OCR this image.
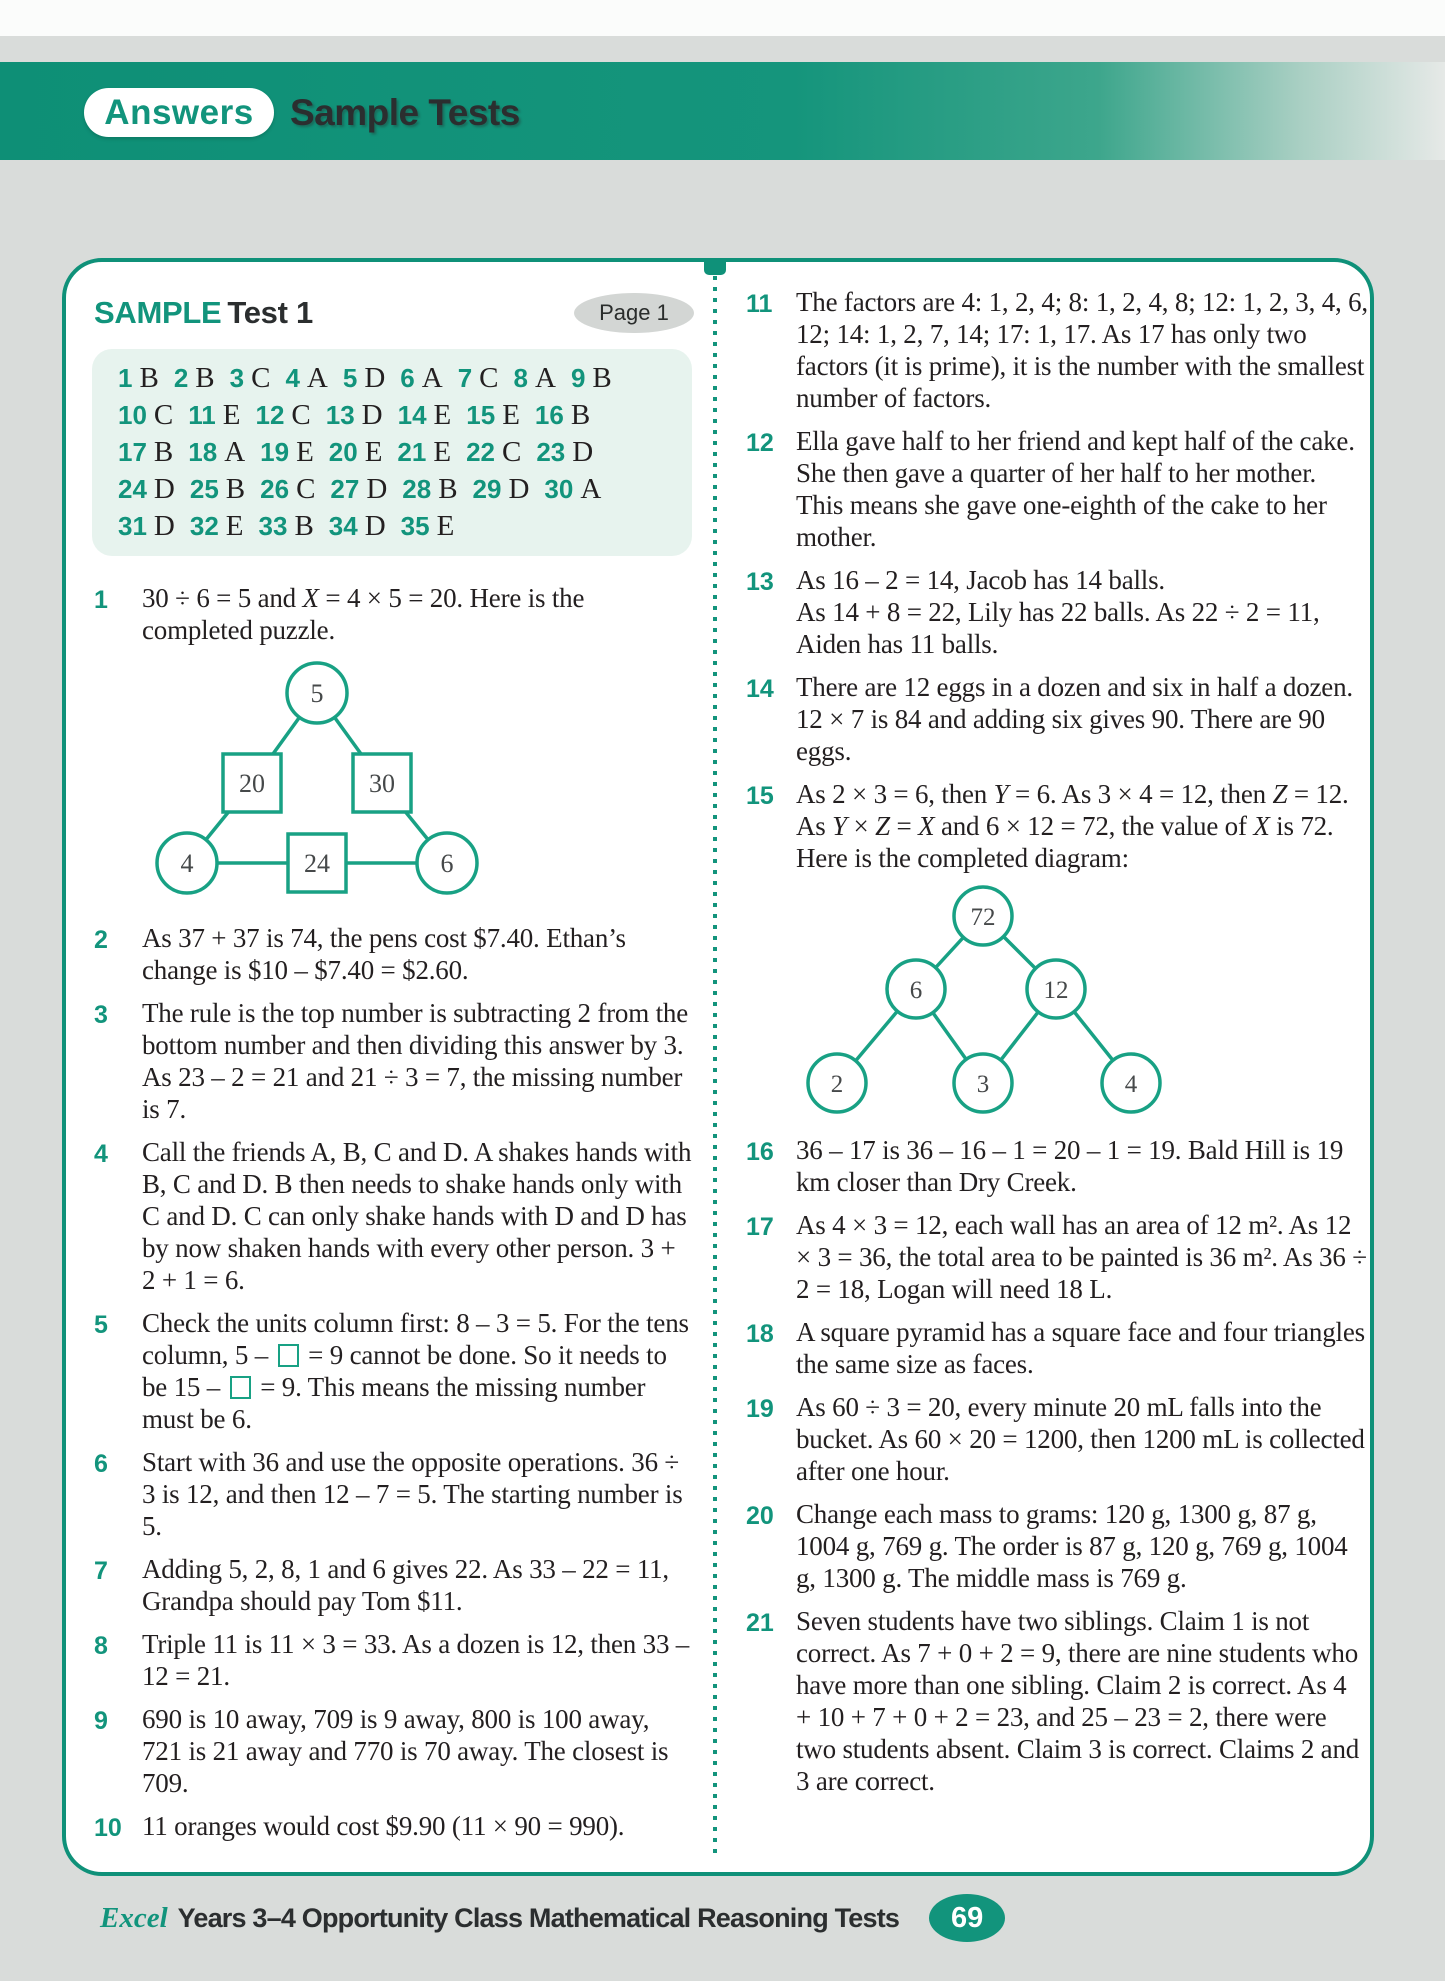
Answers Sample Tests
SAMPLE Test 1	Page 1
1 B 2 B 3 C 4 A 5 D 6 A 7 C 8 A 9 B
10 C 11 E 12 C 13 D 14 E 15 E 16 B
17 B 18 A 19 E 20 E 21 E 22 C 23 D
24 D 25 B 26 C 27 D 28 B 29 D 30 A
31 D 32 E 33 B 34 D 35 E
1	30 ÷ 6 = 5 and X = 4 × 5 = 20. Here is the completed puzzle.
5
20	30
4	24	6
2	As 37 + 37 is 74, the pens cost $7.40. Ethan’s change is $10 – $7.40 = $2.60.
3	The rule is the top number is subtracting 2 from the bottom number and then dividing this answer by 3. As 23 – 2 = 21 and 21 ÷ 3 = 7, the missing number is 7.
4	Call the friends A, B, C and D. A shakes hands with B, C and D. B then needs to shake hands only with C and D. C can only shake hands with D and D has by now shaken hands with every other person. 3 + 2 + 1 = 6.
5	Check the units column first: 8 – 3 = 5. For the tens column, 5 –  = 9 cannot be done. So it needs to be 15 –  = 9. This means the missing number must be 6.
6	Start with 36 and use the opposite operations. 36 ÷ 3 is 12, and then 12 – 7 = 5. The starting number is 5.
7	Adding 5, 2, 8, 1 and 6 gives 22. As 33 – 22 = 11, Grandpa should pay Tom $11.
8	Triple 11 is 11 × 3 = 33. As a dozen is 12, then 33 – 12 = 21.
9	690 is 10 away, 709 is 9 away, 800 is 100 away, 721 is 21 away and 770 is 70 away. The closest is 709.
10 11 oranges would cost $9.90 (11 × 90 = 990).
11 The factors are 4: 1, 2, 4; 8: 1, 2, 4, 8; 12: 1, 2, 3, 4, 6, 12; 14: 1, 2, 7, 14; 17: 1, 17. As 17 has only two factors (it is prime), it is the number with the smallest number of factors.
12 Ella gave half to her friend and kept half of the cake. She then gave a quarter of her half to her mother. This means she gave one-eighth of the cake to her mother.
13 As 16 – 2 = 14, Jacob has 14 balls.
As 14 + 8 = 22, Lily has 22 balls. As 22 ÷ 2 = 11, Aiden has 11 balls.
14 There are 12 eggs in a dozen and six in half a dozen. 12 × 7 is 84 and adding six gives 90. There are 90 eggs.
15 As 2 × 3 = 6, then Y = 6. As 3 × 4 = 12, then Z = 12. As Y × Z = X and 6 × 12 = 72, the value of X is 72. Here is the completed diagram:
72
6	12
2	3	4
16 36 – 17 is 36 – 16 – 1 = 20 – 1 = 19. Bald Hill is 19 km closer than Dry Creek.
17 As 4 × 3 = 12, each wall has an area of 12 m². As 12 × 3 = 36, the total area to be painted is 36 m². As 36 ÷ 2 = 18, Logan will need 18 L.
18 A square pyramid has a square face and four triangles the same size as faces.
19 As 60 ÷ 3 = 20, every minute 20 mL falls into the bucket. As 60 × 20 = 1200, then 1200 mL is collected after one hour.
20 Change each mass to grams: 120 g, 1300 g, 87 g, 1004 g, 769 g. The order is 87 g, 120 g, 769 g, 1004 g, 1300 g. The middle mass is 769 g.
21 Seven students have two siblings. Claim 1 is not correct. As 7 + 0 + 2 = 9, there are nine students who have more than one sibling. Claim 2 is correct. As 4 + 10 + 7 + 0 + 2 = 23, and 25 – 23 = 2, there were two students absent. Claim 3 is correct. Claims 2 and 3 are correct.
Excel Years 3–4 Opportunity Class Mathematical Reasoning Tests	69
